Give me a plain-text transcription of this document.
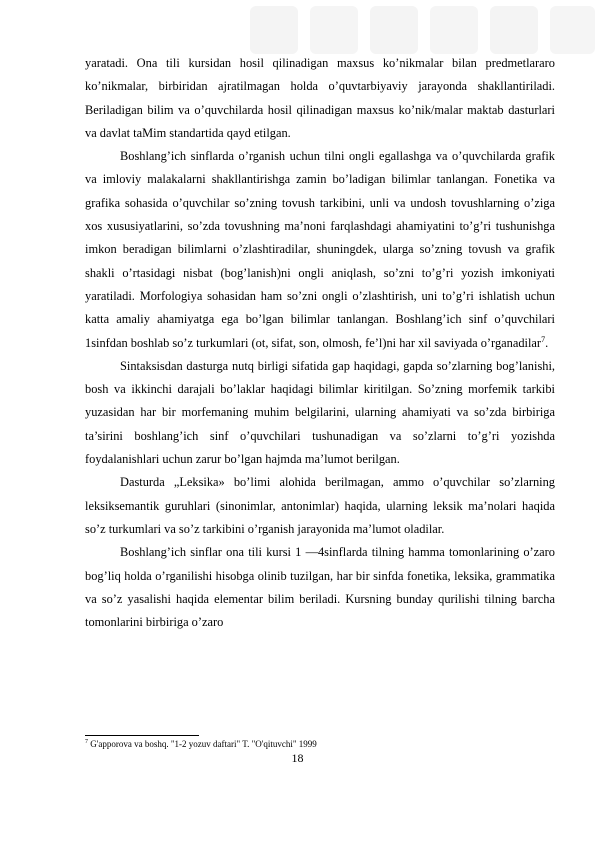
yaratadi. Ona tili kursidan hosil qilinadigan maxsus ko’nikmalar bilan predmetlararo ko’nikmalar, birbiridan ajratilmagan holda o’quvtarbiyaviy jarayonda shakllantiriladi. Beriladigan bilim va o’quvchilarda hosil qilinadigan maxsus ko’nik/malar maktab dasturlari va davlat taMim standartida qayd etilgan.

Boshlang’ich sinflarda o’rganish uchun tilni ongli egallashga va o’quvchilarda grafik va imloviy malakalarni shakllantirishga zamin bo’ladigan bilimlar tanlangan. Fonetika va grafika sohasida o’quvchilar so’zning tovush tarkibini, unli va undosh tovushlarning o’ziga xos xususiyatlarini, so’zda tovushning ma’noni farqlashdagi ahamiyatini to’g’ri tushunishga imkon beradigan bilimlarni o’zlashtiradilar, shuningdek, ularga so’zning tovush va grafik shakli o’rtasidagi nisbat (bog’lanish)ni ongli aniqlash, so’zni to’g’ri yozish imkoniyati yaratiladi. Morfologiya sohasidan ham so’zni ongli o’zlashtirish, uni to’g’ri ishlatish uchun katta amaliy ahamiyatga ega bo’lgan bilimlar tanlangan. Boshlang’ich sinf o’quvchilari 1sinfdan boshlab so’z turkumlari (ot, sifat, son, olmosh, fe’l)ni har xil saviyada o’rganadilar$^7$.

Sintaksisdan dasturga nutq birligi sifatida gap haqidagi, gapda so’zlarning bog’lanishi, bosh va ikkinchi darajali bo’laklar haqidagi bilimlar kiritilgan. So’zning morfemik tarkibi yuzasidan har bir morfemaning muhim belgilarini, ularning ahamiyati va so’zda birbiriga ta’sirini boshlang’ich sinf o’quvchilari tushunadigan va so’zlarni to’g’ri yozishda foydalanishlari uchun zarur bo’lgan hajmda ma’lumot berilgan.

Dasturda „Leksika» bo’limi alohida berilmagan, ammo o’quvchilar so’zlarning leksiksemantik guruhlari (sinonimlar, antonimlar) haqida, ularning leksik ma’nolari haqida so’z turkumlari va so’z tarkibini o’rganish jarayonida ma’lumot oladilar.

Boshlang’ich sinflar ona tili kursi 1 —4sinflarda tilning hamma tomonlarining o’zaro bog’liq holda o’rganilishi hisobga olinib tuzilgan, har bir sinfda fonetika, leksika, grammatika va so’z yasalishi haqida elementar bilim beriladi. Kursning bunday qurilishi tilning barcha tomonlarini birbiriga o’zaro

$^7$ G'apporova va boshq. "1-2 yozuv daftari" T. "O'qituvchi" 1999
18
